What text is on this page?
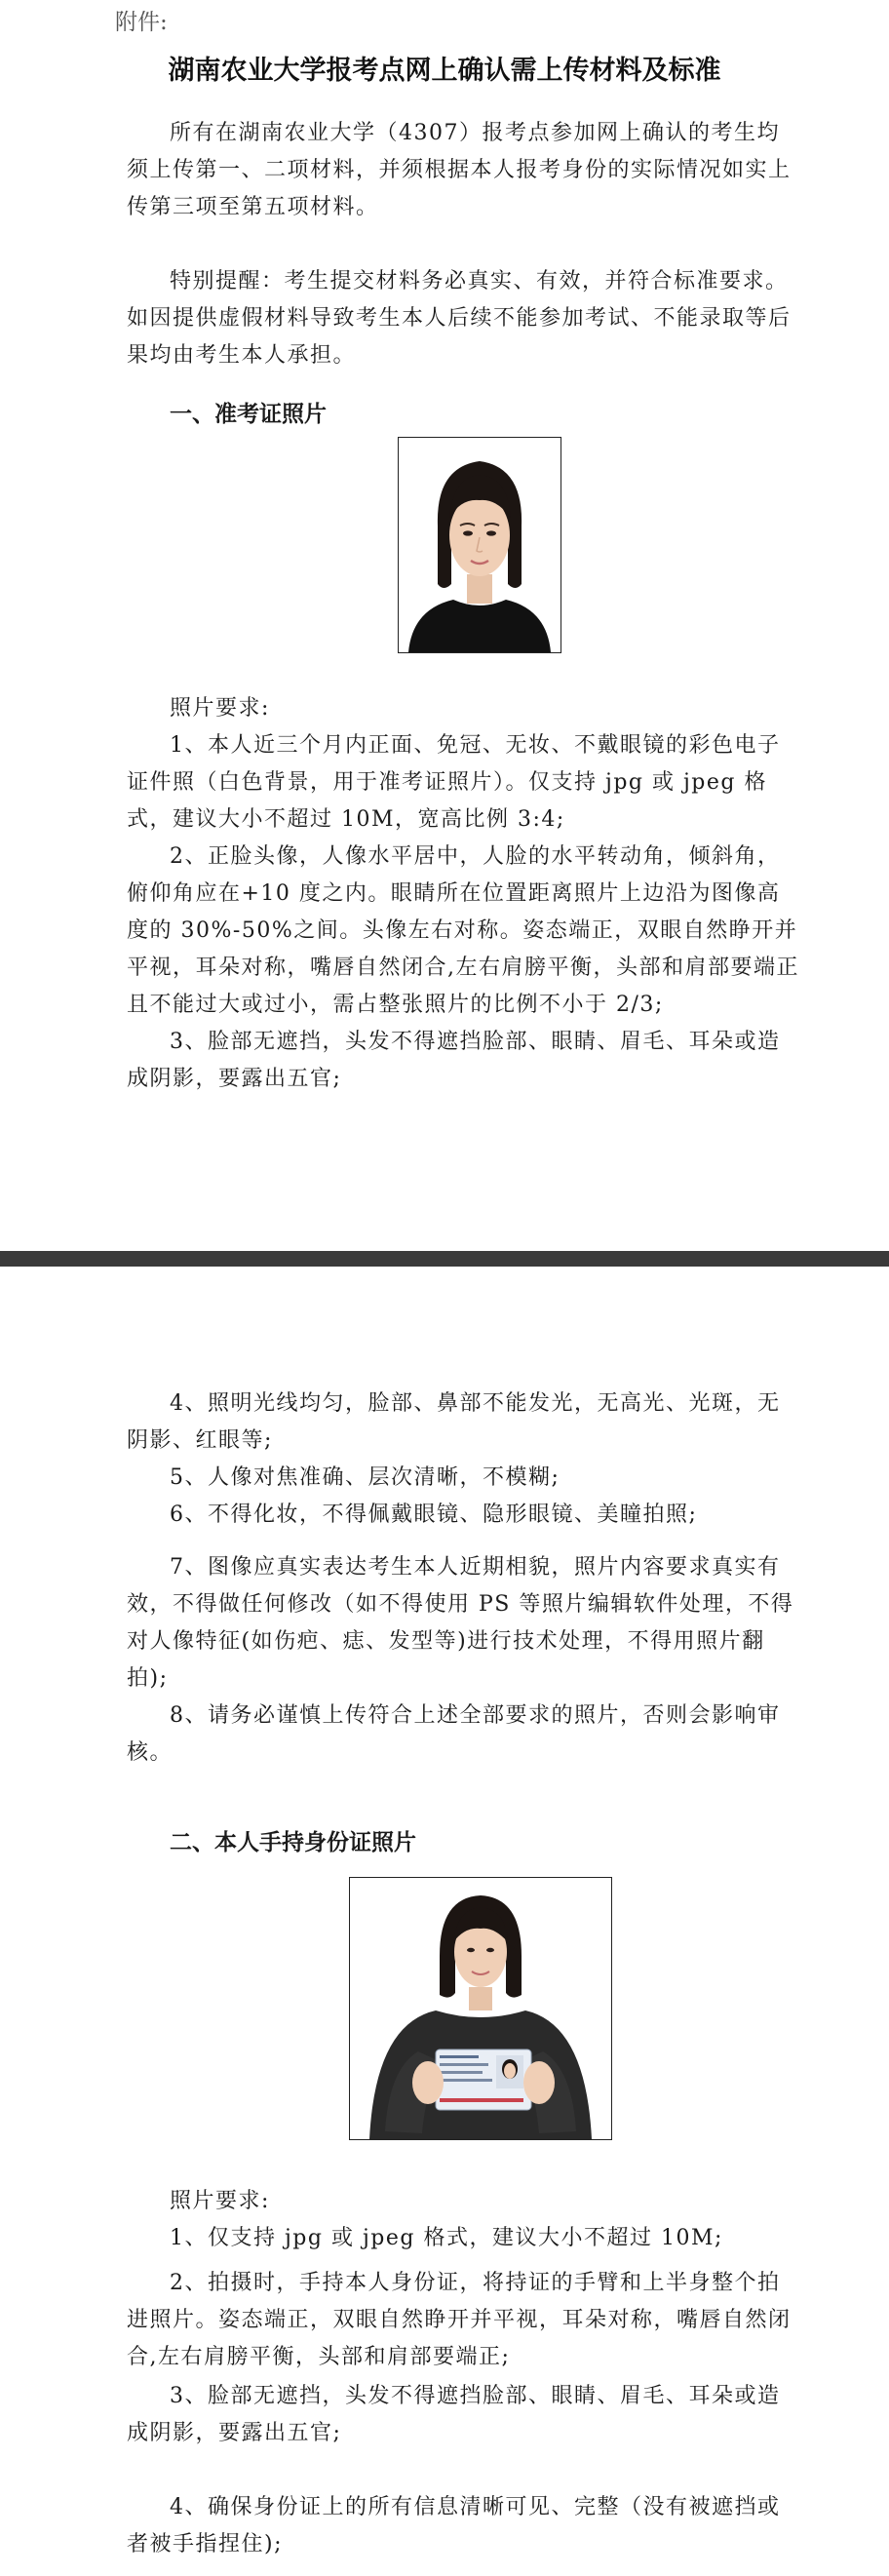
附件:
湖南农业大学报考点网上确认需上传材料及标准

所有在湖南农业大学（4307）报考点参加网上确认的考生均须上传第一、二项材料，并须根据本人报考身份的实际情况如实上传第三项至第五项材料。

特别提醒：考生提交材料务必真实、有效，并符合标准要求。如因提供虚假材料导致考生本人后续不能参加考试、不能录取等后果均由考生本人承担。

一、准考证照片

照片要求:

1、本人近三个月内正面、免冠、无妆、不戴眼镜的彩色电子证件照（白色背景，用于准考证照片）。仅支持 jpg 或 jpeg 格式，建议大小不超过 10M，宽高比例 3:4;

2、正脸头像，人像水平居中，人脸的水平转动角，倾斜角，俯仰角应在+10 度之内。眼睛所在位置距离照片上边沿为图像高度的 30%-50%之间。头像左右对称。姿态端正，双眼自然睁开并平视，耳朵对称，嘴唇自然闭合,左右肩膀平衡，头部和肩部要端正且不能过大或过小，需占整张照片的比例不小于 2/3;

3、脸部无遮挡，头发不得遮挡脸部、眼睛、眉毛、耳朵或造成阴影，要露出五官;

4、照明光线均匀，脸部、鼻部不能发光，无高光、光斑，无阴影、红眼等;

5、人像对焦准确、层次清晰，不模糊;

6、不得化妆，不得佩戴眼镜、隐形眼镜、美瞳拍照;

7、图像应真实表达考生本人近期相貌，照片内容要求真实有效，不得做任何修改（如不得使用 PS 等照片编辑软件处理，不得对人像特征(如伤疤、痣、发型等)进行技术处理，不得用照片翻拍);

8、请务必谨慎上传符合上述全部要求的照片，否则会影响审核。

二、本人手持身份证照片

照片要求:

1、仅支持 jpg 或 jpeg 格式，建议大小不超过 10M;

2、拍摄时，手持本人身份证，将持证的手臂和上半身整个拍进照片。姿态端正，双眼自然睁开并平视，耳朵对称，嘴唇自然闭合,左右肩膀平衡，头部和肩部要端正;

3、脸部无遮挡，头发不得遮挡脸部、眼睛、眉毛、耳朵或造成阴影，要露出五官;

4、确保身份证上的所有信息清晰可见、完整（没有被遮挡或者被手指捏住);
